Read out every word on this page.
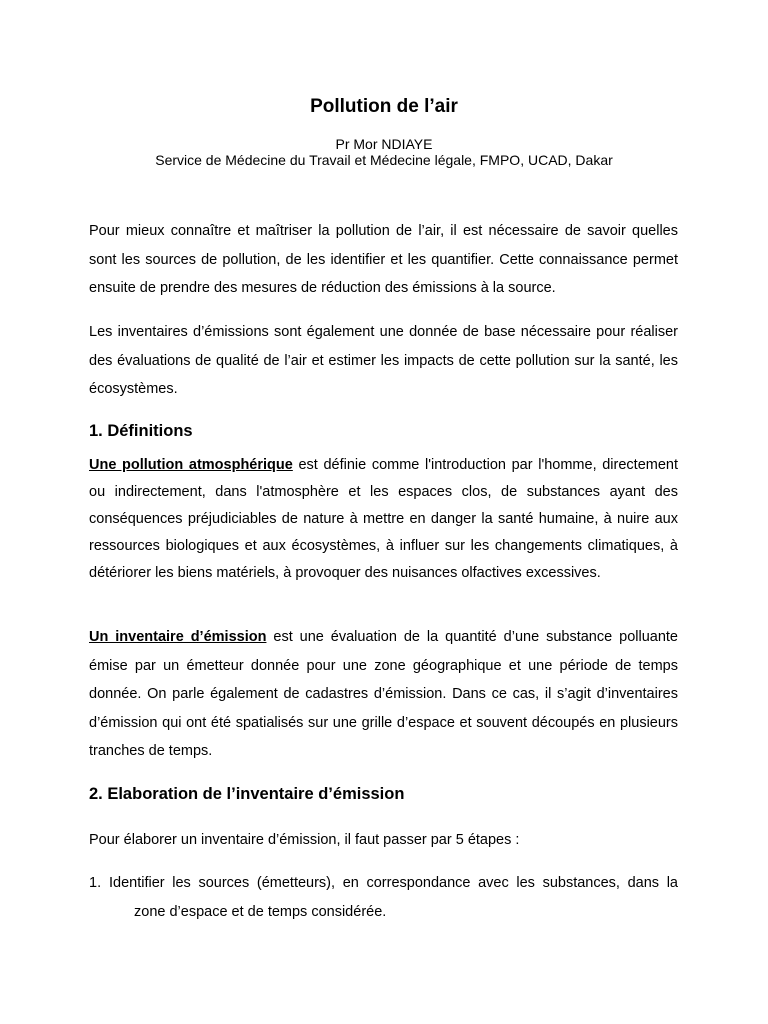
Pollution de l’air

Pr Mor NDIAYE

Service de Médecine du Travail et Médecine légale, FMPO, UCAD, Dakar

Pour mieux connaître et maîtriser la pollution de l’air, il est nécessaire de savoir quelles sont les sources de pollution, de les identifier et les quantifier. Cette connaissance permet ensuite de prendre des mesures de réduction des émissions à la source.

Les inventaires d’émissions sont également une donnée de base nécessaire pour réaliser des évaluations de qualité de l’air et estimer les impacts de cette pollution sur la santé, les écosystèmes.

1. Définitions

Une pollution atmosphérique est définie comme l'introduction par l'homme, directement ou indirectement, dans l'atmosphère et les espaces clos, de substances ayant des conséquences préjudiciables de nature à mettre en danger la santé humaine, à nuire aux ressources biologiques et aux écosystèmes, à influer sur les changements climatiques, à détériorer les biens matériels, à provoquer des nuisances olfactives excessives.

Un inventaire d’émission est une évaluation de la quantité d’une substance polluante émise par un émetteur donnée pour une zone géographique et une période de temps donnée. On parle également de cadastres d’émission. Dans ce cas, il s’agit d’inventaires d’émission qui ont été spatialisés sur une grille d’espace et souvent découpés en plusieurs tranches de temps.

2. Elaboration de l’inventaire d’émission

Pour élaborer un inventaire d’émission, il faut passer par 5 étapes :

1. Identifier les sources (émetteurs), en correspondance avec les substances, dans la
zone d’espace et de temps considérée.
